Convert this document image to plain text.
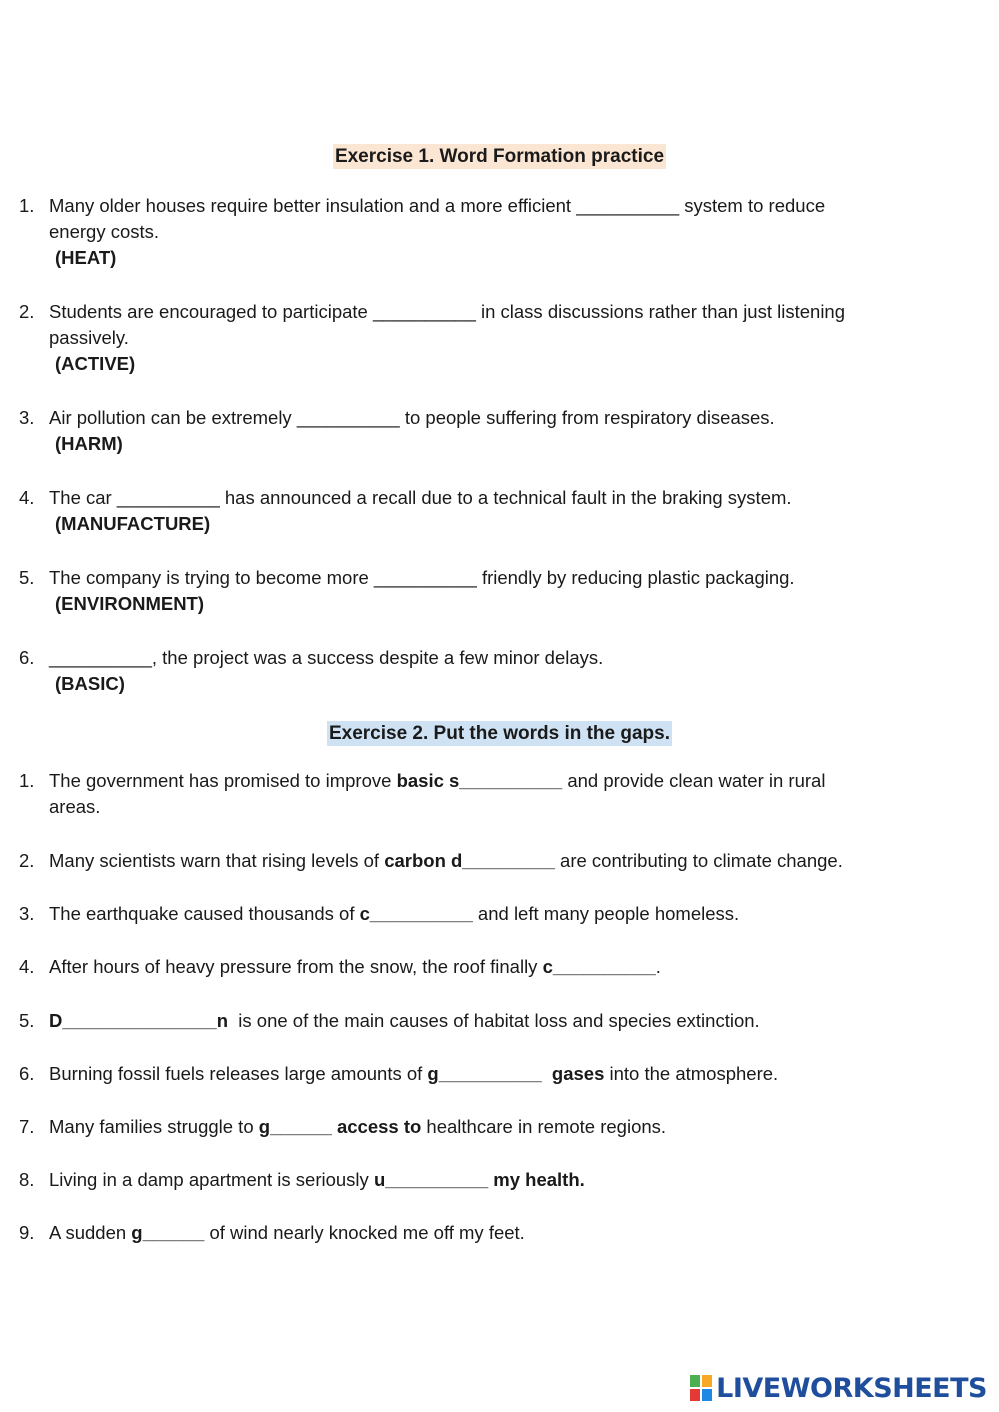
Exercise 1. Word Formation practice
1. Many older houses require better insulation and a more efficient __________ system to reduce
energy costs.
(HEAT)
2. Students are encouraged to participate __________ in class discussions rather than just listening
passively.
(ACTIVE)
3. Air pollution can be extremely __________ to people suffering from respiratory diseases.
(HARM)
4. The car __________ has announced a recall due to a technical fault in the braking system.
(MANUFACTURE)
5. The company is trying to become more __________ friendly by reducing plastic packaging.
(ENVIRONMENT)
6. __________, the project was a success despite a few minor delays.
(BASIC)
Exercise 2. Put the words in the gaps.
1. The government has promised to improve basic s__________ and provide clean water in rural
areas.
2. Many scientists warn that rising levels of carbon d_________ are contributing to climate change.
3. The earthquake caused thousands of c__________ and left many people homeless.
4. After hours of heavy pressure from the snow, the roof finally c__________.
5. D_______________n  is one of the main causes of habitat loss and species extinction.
6. Burning fossil fuels releases large amounts of g__________ gases into the atmosphere.
7. Many families struggle to g______ access to healthcare in remote regions.
8. Living in a damp apartment is seriously u__________ my health.
9. A sudden g______ of wind nearly knocked me off my feet.
LIVEWORKSHEETS
